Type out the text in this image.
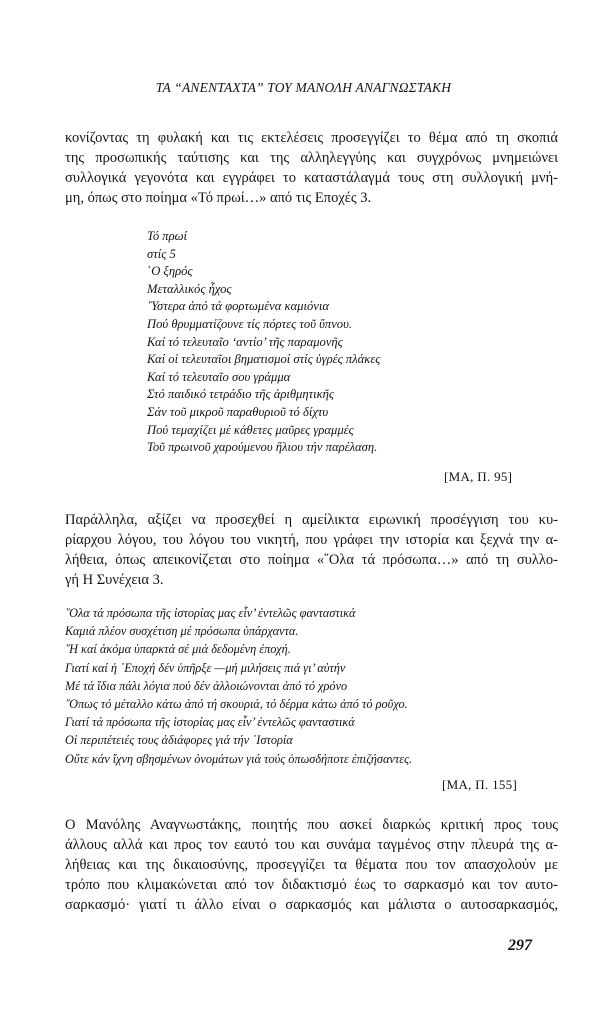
ΤΑ “ΑΝΕΝΤΑΧΤΑ” ΤΟΥ ΜΑΝΟΛΗ ΑΝΑΓΝΩΣΤΑΚΗ
κονίζοντας τη φυλακή και τις εκτελέσεις προσεγγίζει το θέμα από τη σκοπιά
της προσωπικής ταύτισης και της αλληλεγγύης και συγχρόνως μνημειώνει
συλλογικά γεγονότα και εγγράφει το καταστάλαγμά τους στη συλλογική μνή-
μη, όπως στο ποίημα «Τό πρωί…» από τις Εποχές 3.
Τό πρωί
στίς 5
῾Ο ξηρός
Μεταλλικός ἦχος
῞Υστερα ἀπό τά φορτωμένα καμιόνια
Πού θρυμματίζουνε τίς πόρτες τοῦ ὕπνου.
Καί τό τελευταῖο ‘αντίο’ τῆς παραμονῆς
Καί οἱ τελευταῖοι βηματισμοί στίς ὑγρές πλάκες
Καί τό τελευταῖο σου γράμμα
Στό παιδικό τετράδιο τῆς ἀριθμητικῆς
Σάν τοῦ μικροῦ παραθυριοῦ τό δίχτυ
Πού τεμαχίζει μέ κάθετες μαῦρες γραμμές
Τοῦ πρωινοῦ χαρούμενου ἥλιου τήν παρέλαση.
[ΜΑ, Π. 95]
Παράλληλα, αξίζει να προσεχθεί η αμείλικτα ειρωνική προσέγγιση του κυ-
ρίαρχου λόγου, του λόγου του νικητή, που γράφει την ιστορία και ξεχνά την α-
λήθεια, όπως απεικονίζεται στο ποίημα «῞Ολα τά πρόσωπα…» από τη συλλο-
γή Η Συνέχεια 3.
῞Ολα τά πρόσωπα τῆς ἱστορίας μας εἶν’ ἐντελῶς φανταστικά
Καμιά πλέον συσχέτιση μέ πρόσωπα ὑπάρχαντα.
῞Η καί ἀκόμα ὑπαρκτά σέ μιά δεδομένη ἐποχή.
Γιατί καί ἡ ᾿Εποχή δέν ὑπῆρξε —μή μιλήσεις πιά γι’ αὐτήν
Μέ τά ἴδια πάλι λόγια πού δέν ἀλλοιώνονται ἀπό τό χρόνο
῞Οπως τό μέταλλο κάτω ἀπό τή σκουριά, τό δέρμα κάτω ἀπό τό ροῦχο.
Γιατί τά πρόσωπα τῆς ἱστορίας μας εἶν’ ἐντελῶς φανταστικά
Οἱ περιπέτειές τους ἀδιάφορες γιά τήν ᾿Ιστορία
Οὔτε κάν ἴχνη σβησμένων ὀνομάτων γιά τούς ὁπωσδήποτε ἐπιζήσαντες.
[ΜΑ, Π. 155]
Ο Μανόλης Αναγνωστάκης, ποιητής που ασκεί διαρκώς κριτική προς τους
άλλους αλλά και προς τον εαυτό του και συνάμα ταγμένος στην πλευρά της α-
λήθειας και της δικαιοσύνης, προσεγγίζει τα θέματα που τον απασχολούν με
τρόπο που κλιμακώνεται από τον διδακτισμό έως το σαρκασμό και τον αυτο-
σαρκασμό· γιατί τι άλλο είναι ο σαρκασμός και μάλιστα ο αυτοσαρκασμός,
297
